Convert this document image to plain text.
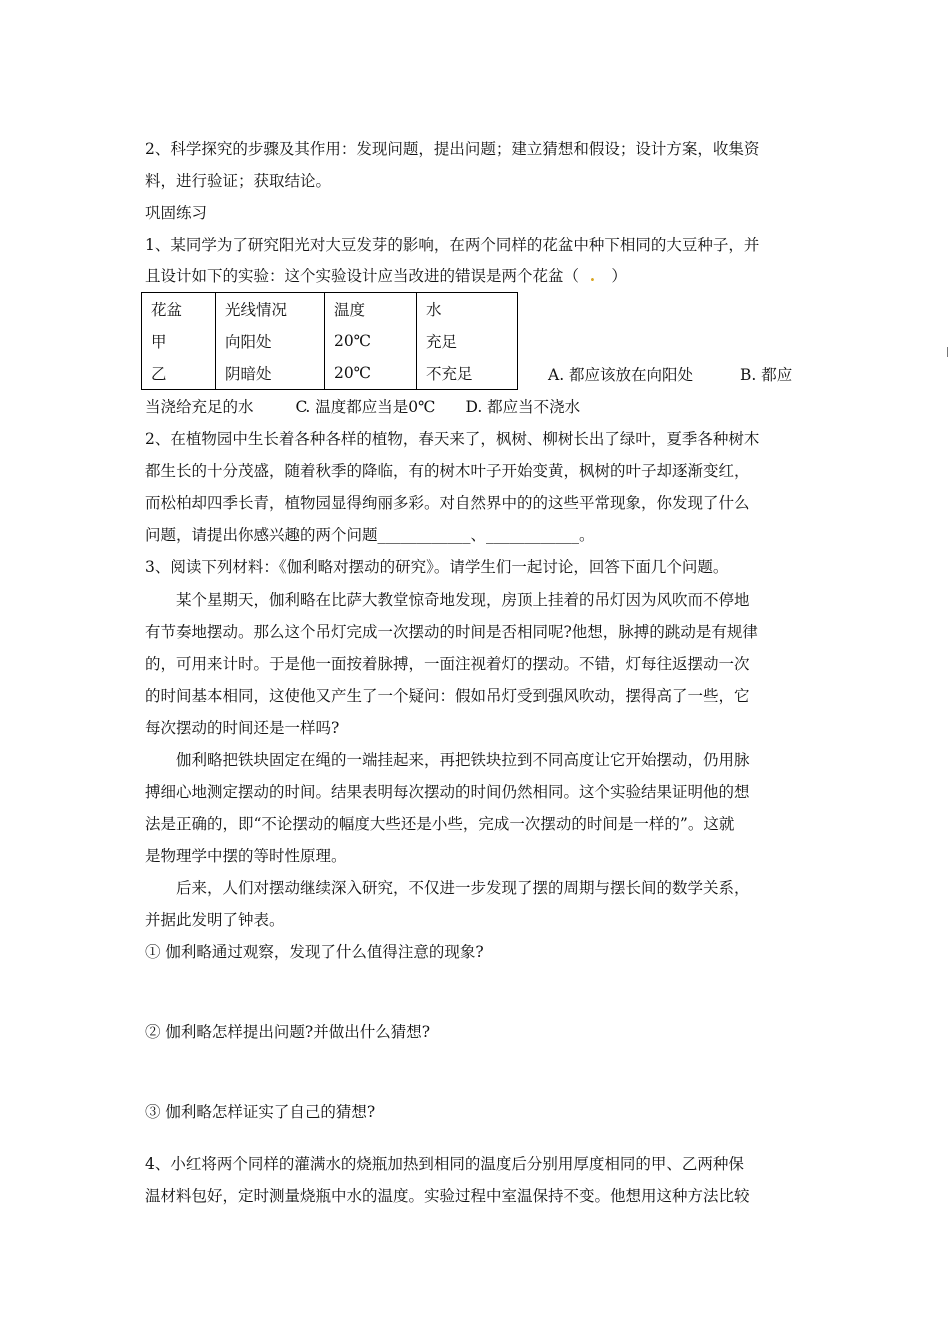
2、科学探究的步骤及其作用：发现问题，提出问题；建立猜想和假设；设计方案，收集资
料，进行验证；获取结论。
巩固练习
1、某同学为了研究阳光对大豆发芽的影响，在两个同样的花盆中种下相同的大豆种子，并
且设计如下的实验：这个实验设计应当改进的错误是两个花盆（  .   ）
花盆	光线情况	温度	水
甲	向阳处	20℃	充足
乙	阴暗处	20℃	不充足	A. 都应该放在向阳处	B. 都应
当浇给充足的水	C. 温度都应当是0℃ D. 都应当不浇水
2、在植物园中生长着各种各样的植物，春天来了，枫树、柳树长出了绿叶，夏季各种树木
都生长的十分茂盛，随着秋季的降临，有的树木叶子开始变黄，枫树的叶子却逐渐变红，
而松柏却四季长青，植物园显得绚丽多彩。对自然界中的的这些平常现象，你发现了什么
问题，请提出你感兴趣的两个问题____________、____________。
3、阅读下列材料：《伽利略对摆动的研究》。请学生们一起讨论，回答下面几个问题。
某个星期天，伽利略在比萨大教堂惊奇地发现，房顶上挂着的吊灯因为风吹而不停地
有节奏地摆动。那么这个吊灯完成一次摆动的时间是否相同呢?他想，脉搏的跳动是有规律
的，可用来计时。于是他一面按着脉搏，一面注视着灯的摆动。不错，灯每往返摆动一次
的时间基本相同，这使他又产生了一个疑问：假如吊灯受到强风吹动，摆得高了一些，它
每次摆动的时间还是一样吗?
伽利略把铁块固定在绳的一端挂起来，再把铁块拉到不同高度让它开始摆动，仍用脉
搏细心地测定摆动的时间。结果表明每次摆动的时间仍然相同。这个实验结果证明他的想
法是正确的，即“不论摆动的幅度大些还是小些，完成一次摆动的时间是一样的”。这就
是物理学中摆的等时性原理。
后来，人们对摆动继续深入研究，不仅进一步发现了摆的周期与摆长间的数学关系，
并据此发明了钟表。
① 伽利略通过观察，发现了什么值得注意的现象?
② 伽利略怎样提出问题?并做出什么猜想?
③ 伽利略怎样证实了自己的猜想?
4、小红将两个同样的灌满水的烧瓶加热到相同的温度后分别用厚度相同的甲、乙两种保
温材料包好，定时测量烧瓶中水的温度。实验过程中室温保持不变。他想用这种方法比较
